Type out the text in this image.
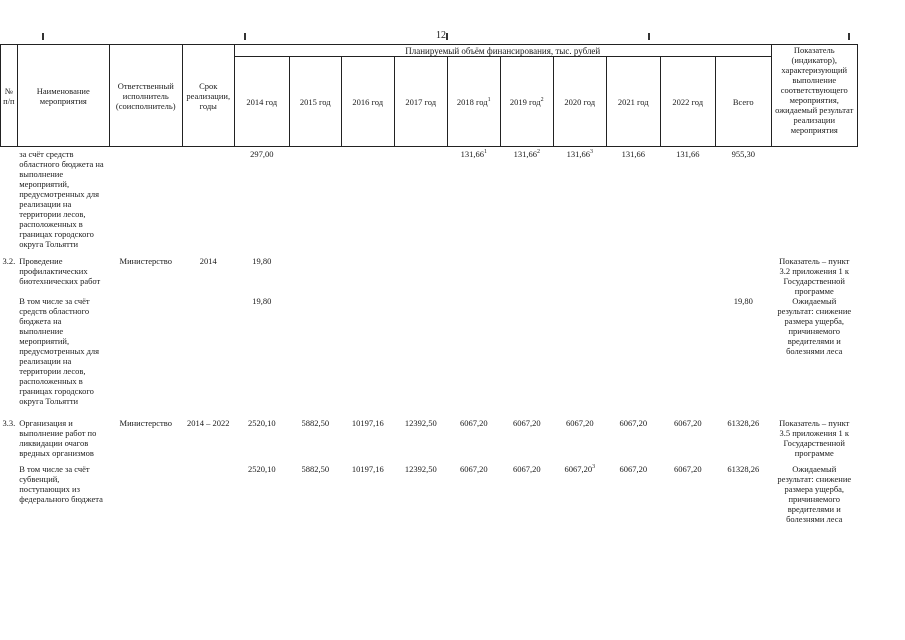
12
№ п/п	Наименование мероприятия	Ответственный исполнитель (соисполнитель)	Срок реализации, годы	Планируемый объём финансирования, тыс. рублей										Показатель (индикатор), характеризующий выполнение соответствующего мероприятия, ожидаемый результат реализации мероприятия
				2014 год	2015 год	2016 год	2017 год	2018 год$^1$	2019 год$^2$	2020 год	2021 год	2022 год	Всего	
	за счёт средств областного бюджета на выполнение мероприятий, предусмотренных для реализации на территории лесов, расположенных в границах городского округа Тольятти			297,00				131,66$^1$	131,66$^2$	131,66$^3$	131,66	131,66	955,30	
3.2.	Проведение профилактических биотехнических работ	Министерство	2014	19,80										Показатель – пункт 3.2 приложения 1 к Государственной программе
	В том числе за счёт средств областного бюджета на выполнение мероприятий, предусмотренных для реализации на территории лесов, расположенных в границах городского округа Тольятти			19,80									19,80	Ожидаемый результат: снижение размера ущерба, причиняемого вредителями и болезнями леса
3.3.	Организация и выполнение работ по ликвидации очагов вредных организмов	Министерство	2014 – 2022	2520,10	5882,50	10197,16	12392,50	6067,20	6067,20	6067,20	6067,20	6067,20	61328,26	Показатель – пункт 3.5 приложения 1 к Государственной программе
	В том числе за счёт субвенций, поступающих из федерального бюджета			2520,10	5882,50	10197,16	12392,50	6067,20	6067,20	6067,20$^3$	6067,20	6067,20	61328,26	Ожидаемый результат: снижение размера ущерба, причиняемого вредителями и болезнями леса
